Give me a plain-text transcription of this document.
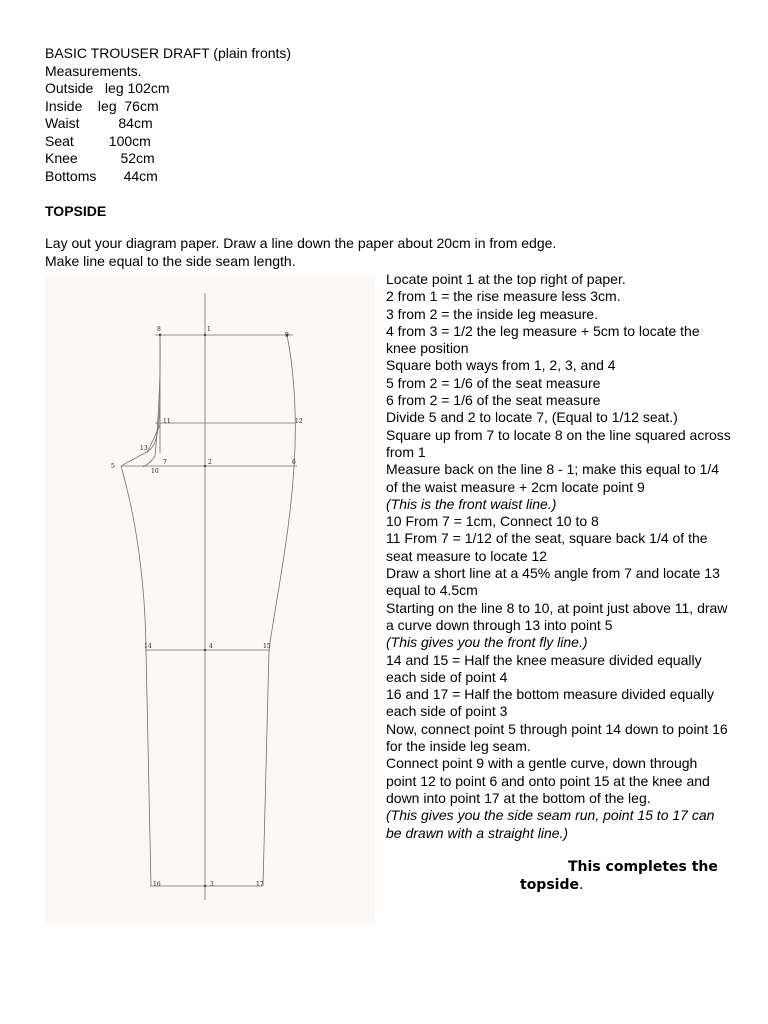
BASIC TROUSER DRAFT (plain fronts)
Measurements.
Outside   leg 102cm
Inside    leg  76cm
Waist          84cm
Seat         100cm
Knee           52cm
Bottoms       44cm
TOPSIDE
Lay out your diagram paper. Draw a line down the paper about 20cm in from edge.
Make line equal to the side seam length.
8	1
9
11	12
13
5
7
10
2	6
14	4	15
16	3	17
Locate point 1 at the top right of paper.
2 from 1 = the rise measure less 3cm.
3 from 2 = the inside leg measure.
4 from 3 = 1/2 the leg measure + 5cm to locate the knee position
Square both ways from 1, 2, 3, and 4
5 from 2 = 1/6 of the seat measure
6 from 2 = 1/6 of the seat measure
Divide 5 and 2 to locate 7, (Equal to 1/12 seat.)
Square up from 7 to locate 8 on the line squared across from 1
Measure back on the line 8 - 1; make this equal to 1/4 of the waist measure + 2cm locate point 9
(This is the front waist line.)
10 From 7 = 1cm, Connect 10 to 8
11 From 7 = 1/12 of the seat, square back 1/4 of the seat measure to locate 12
Draw a short line at a 45% angle from 7 and locate 13 equal to 4.5cm
Starting on the line 8 to 10, at point just above 11, draw a curve down through 13 into point 5
(This gives you the front fly line.)
14 and 15 = Half the knee measure divided equally each side of point 4
16 and 17 = Half the bottom measure divided equally each side of point 3
Now, connect point 5 through point 14 down to point 16 for the inside leg seam.
Connect point 9 with a gentle curve, down through point 12 to point 6 and onto point 15 at the knee and down into point 17 at the bottom of the leg.
(This gives you the side seam run, point 15 to 17 can be drawn with a straight line.)
This completes the
topside.
